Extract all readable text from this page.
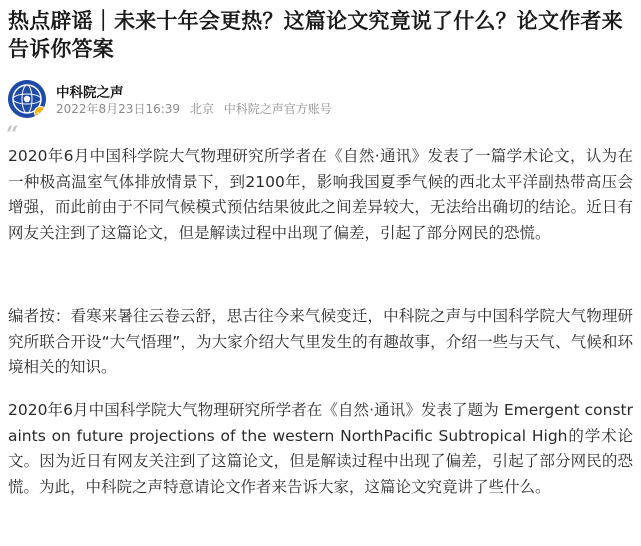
热点辟谣｜未来十年会更热？这篇论文究竟说了什么？论文作者来告诉你答案
中科院之声
2022年8月23日16:39 北京 中科院之声官方账号
“
2020年6月中国科学院大气物理研究所学者在《自然·通讯》发表了一篇学术论文，认为在一种极高温室气体排放情景下，到2100年，影响我国夏季气候的西北太平洋副热带高压会增强，而此前由于不同气候模式预估结果彼此之间差异较大，无法给出确切的结论。近日有网友关注到了这篇论文，但是解读过程中出现了偏差，引起了部分网民的恐慌。
编者按：看寒来暑往云卷云舒，思古往今来气候变迁，中科院之声与中国科学院大气物理研究所联合开设“大气悟理”，为大家介绍大气里发生的有趣故事，介绍一些与天气、气候和环境相关的知识。
2020年6月中国科学院大气物理研究所学者在《自然·通讯》发表了题为 Emergent constraints on future projections of the western NorthPacific Subtropical High的学术论文。因为近日有网友关注到了这篇论文，但是解读过程中出现了偏差，引起了部分网民的恐慌。为此，中科院之声特意请论文作者来告诉大家，这篇论文究竟讲了些什么。
